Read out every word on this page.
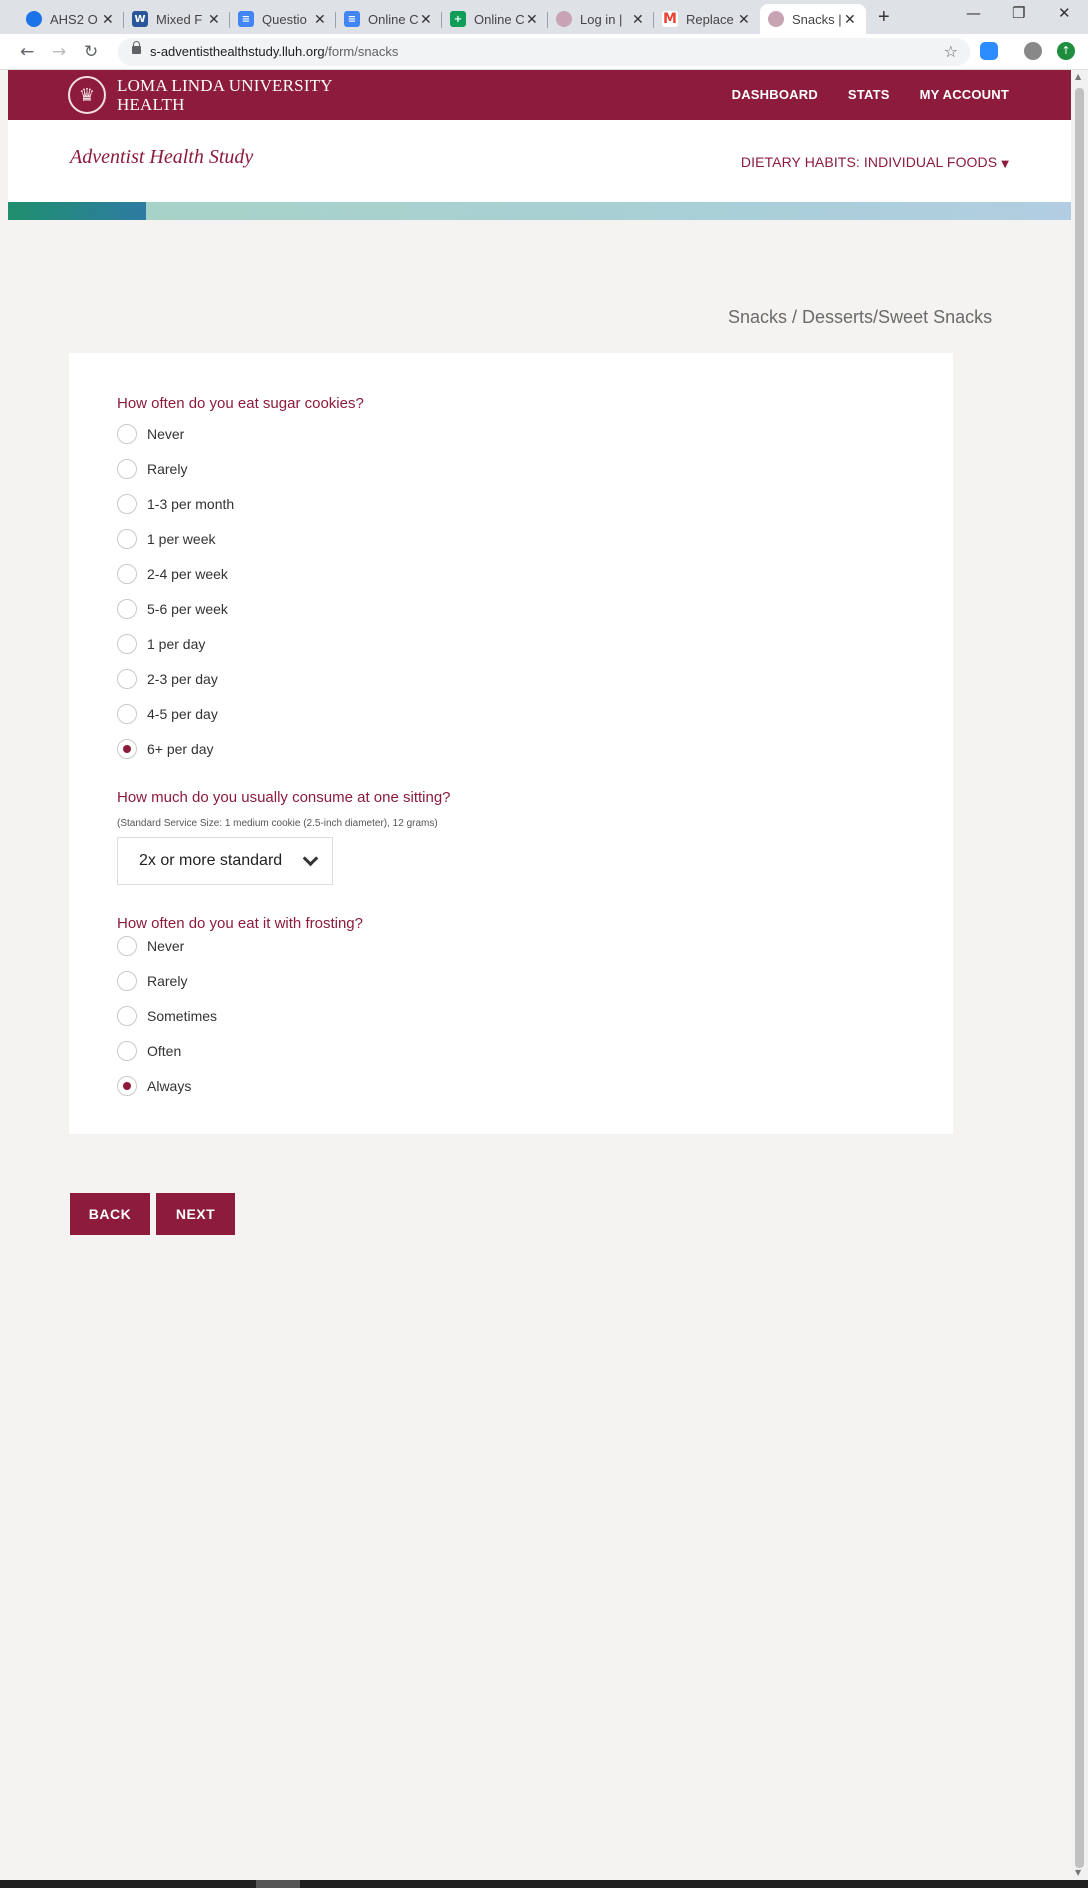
AHS2 O ✕ W Mixed F ✕	≡ Questio ✕	≡ Online C ✕	+ Online C ✕	Log in | ✕ M Replace ✕	Snacks | ✕ +	— ❐ ✕
← → ↻	s-adventisthealthstudy.lluh.org/form/snacks	☆	↑
♛	LOMA LINDA UNIVERSITY
HEALTH
DASHBOARD STATS MY ACCOUNT
Adventist Health Study	DIETARY HABITS: INDIVIDUAL FOODS ▼
Snacks / Desserts/Sweet Snacks
How often do you eat sugar cookies?
Never
Rarely
1-3 per month
1 per week
2-4 per week
5-6 per week
1 per day
2-3 per day
4-5 per day
6+ per day
How much do you usually consume at one sitting?
(Standard Service Size: 1 medium cookie (2.5-inch diameter), 12 grams)
2x or more standard
How often do you eat it with frosting?
Never
Rarely
Sometimes
Often
Always
BACK	NEXT
▲
▼
